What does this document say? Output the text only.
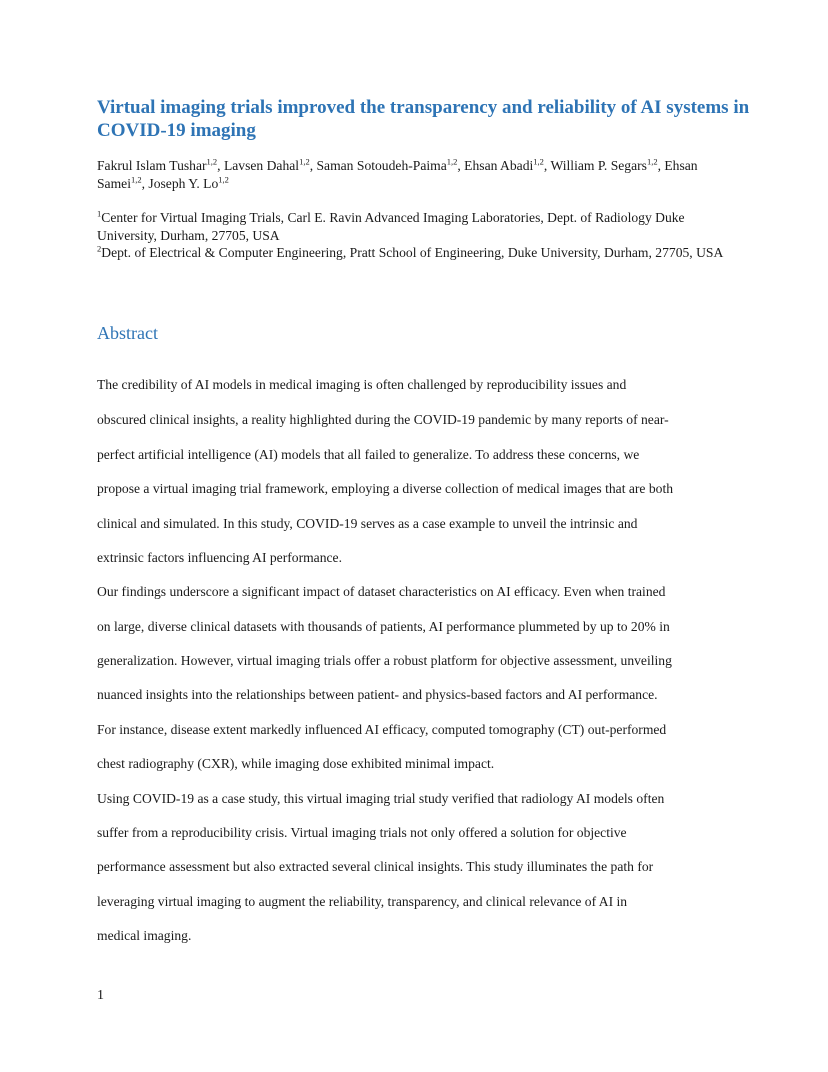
Virtual imaging trials improved the transparency and reliability of AI systems in COVID-19 imaging

Fakrul Islam Tushar$^{1,2}$, Lavsen Dahal$^{1,2}$, Saman Sotoudeh-Paima$^{1,2}$, Ehsan Abadi$^{1,2}$, William P. Segars$^{1,2}$, Ehsan Samei$^{1,2}$, Joseph Y. Lo$^{1,2}$

$^1$Center for Virtual Imaging Trials, Carl E. Ravin Advanced Imaging Laboratories, Dept. of Radiology Duke University, Durham, 27705, USA

$^2$Dept. of Electrical & Computer Engineering, Pratt School of Engineering, Duke University, Durham, 27705, USA

Abstract

The credibility of AI models in medical imaging is often challenged by reproducibility issues and

obscured clinical insights, a reality highlighted during the COVID-19 pandemic by many reports of near-

perfect artificial intelligence (AI) models that all failed to generalize. To address these concerns, we

propose a virtual imaging trial framework, employing a diverse collection of medical images that are both

clinical and simulated. In this study, COVID-19 serves as a case example to unveil the intrinsic and

extrinsic factors influencing AI performance.

Our findings underscore a significant impact of dataset characteristics on AI efficacy. Even when trained

on large, diverse clinical datasets with thousands of patients, AI performance plummeted by up to 20% in

generalization. However, virtual imaging trials offer a robust platform for objective assessment, unveiling

nuanced insights into the relationships between patient- and physics-based factors and AI performance.

For instance, disease extent markedly influenced AI efficacy, computed tomography (CT) out-performed

chest radiography (CXR), while imaging dose exhibited minimal impact.

Using COVID-19 as a case study, this virtual imaging trial study verified that radiology AI models often

suffer from a reproducibility crisis. Virtual imaging trials not only offered a solution for objective

performance assessment but also extracted several clinical insights. This study illuminates the path for

leveraging virtual imaging to augment the reliability, transparency, and clinical relevance of AI in

medical imaging.

1
